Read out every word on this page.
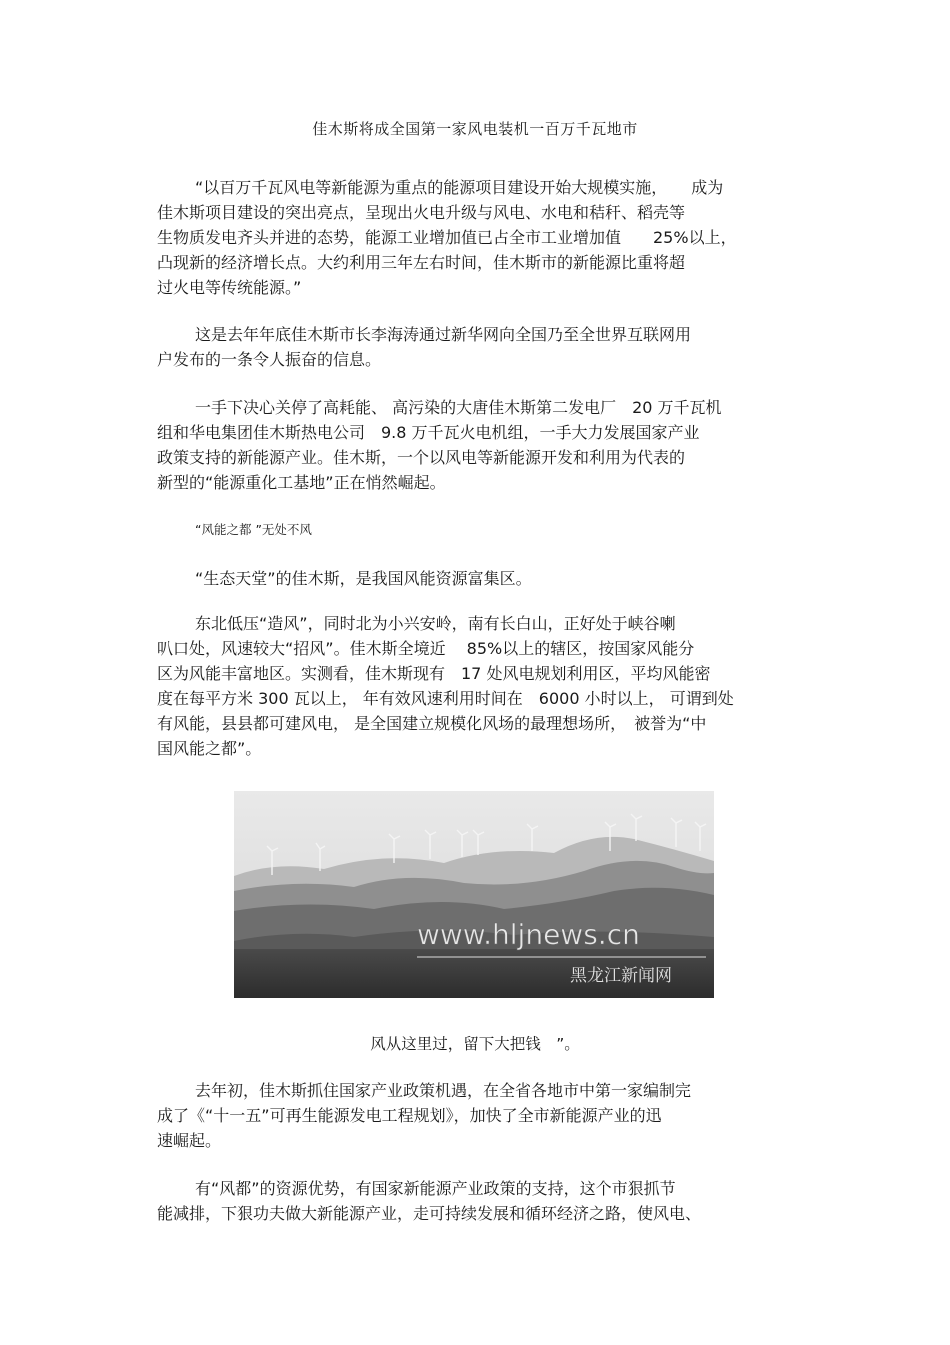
佳木斯将成全国第一家风电装机一百万千瓦地市
“以百万千瓦风电等新能源为重点的能源项目建设开始大规模实施，　　成为
佳木斯项目建设的突出亮点，呈现出火电升级与风电、水电和秸秆、稻壳等
生物质发电齐头并进的态势，能源工业增加值已占全市工业增加值　　25%以上，
凸现新的经济增长点。大约利用三年左右时间，佳木斯市的新能源比重将超
过火电等传统能源。”
这是去年年底佳木斯市长李海涛通过新华网向全国乃至全世界互联网用
户发布的一条令人振奋的信息。
一手下决心关停了高耗能、 高污染的大唐佳木斯第二发电厂　20 万千瓦机
组和华电集团佳木斯热电公司　9.8 万千瓦火电机组，一手大力发展国家产业
政策支持的新能源产业。佳木斯，一个以风电等新能源开发和利用为代表的
新型的“能源重化工基地”正在悄然崛起。
“风能之都 ”无处不风
“生态天堂”的佳木斯，是我国风能资源富集区。
东北低压“造风”，同时北为小兴安岭，南有长白山，正好处于峡谷喇
叭口处，风速较大“招风”。佳木斯全境近　 85%以上的辖区，按国家风能分
区为风能丰富地区。实测看，佳木斯现有　17 处风电规划利用区，平均风能密
度在每平方米 300 瓦以上， 年有效风速利用时间在　6000 小时以上， 可谓到处
有风能，县县都可建风电， 是全国建立规模化风场的最理想场所，　被誉为“中
国风能之都”。
www.hljnews.cn
黑龙江新闻网
风从这里过，留下大把钱　”。
去年初，佳木斯抓住国家产业政策机遇，在全省各地市中第一家编制完
成了《“十一五”可再生能源发电工程规划》，加快了全市新能源产业的迅
速崛起。
有“风都”的资源优势，有国家新能源产业政策的支持，这个市狠抓节
能减排，下狠功夫做大新能源产业，走可持续发展和循环经济之路，使风电、
